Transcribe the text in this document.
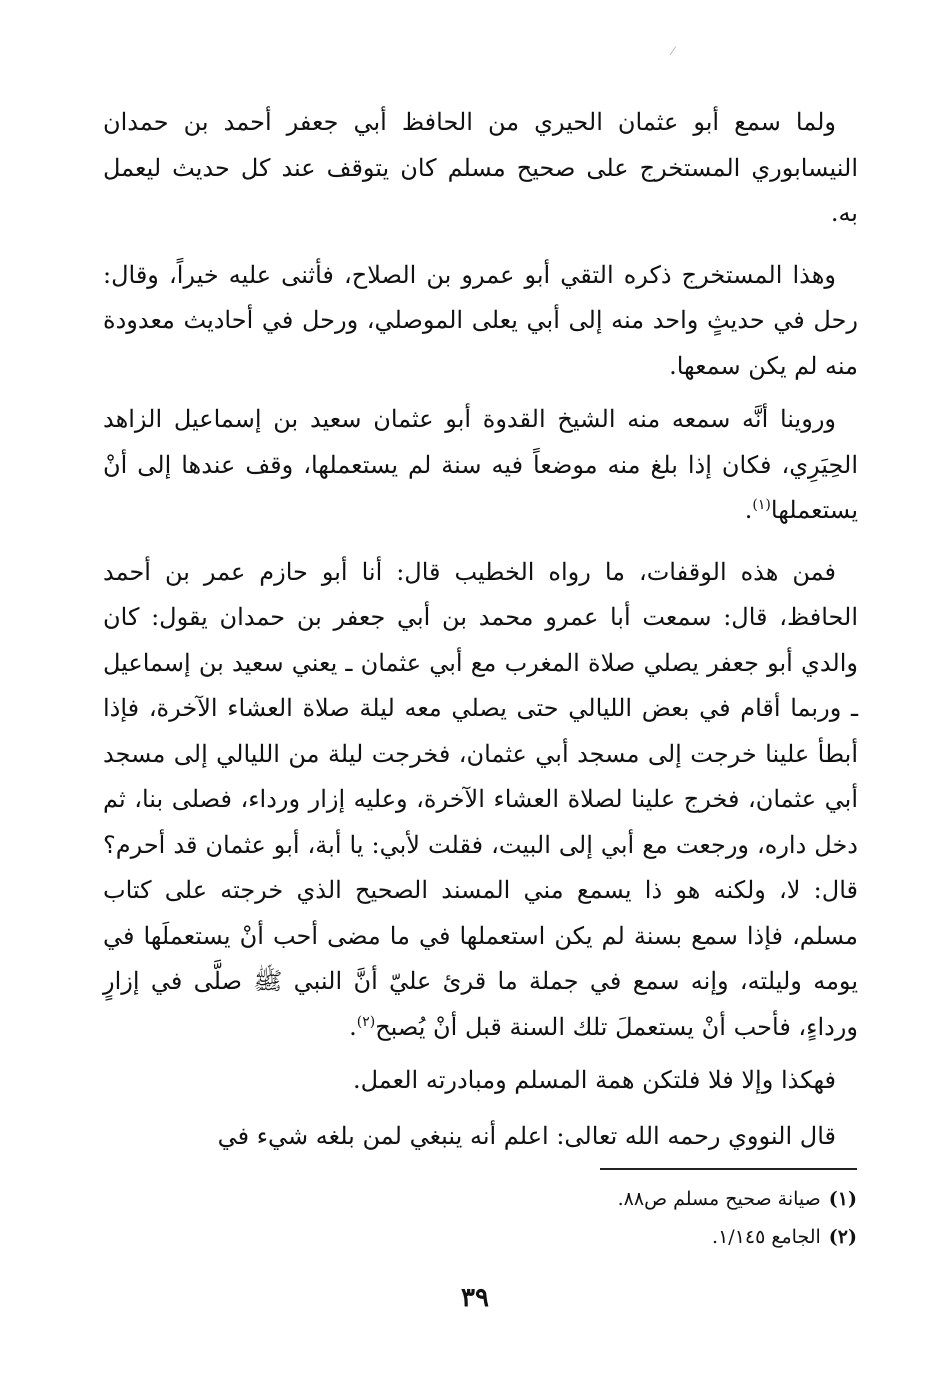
ولما سمع أبو عثمان الحيري من الحافظ أبي جعفر أحمد بن حمدان النيسابوري المستخرج على صحيح مسلم كان يتوقف عند كل حديث ليعمل به.

وهذا المستخرج ذكره التقي أبو عمرو بن الصلاح، فأثنى عليه خيراً، وقال: رحل في حديثٍ واحد منه إلى أبي يعلى الموصلي، ورحل في أحاديث معدودة منه لم يكن سمعها.

وروينا أنَّه سمعه منه الشيخ القدوة أبو عثمان سعيد بن إسماعيل الزاهد الحِيَرِي، فكان إذا بلغ منه موضعاً فيه سنة لم يستعملها، وقف عندها إلى أنْ يستعملها$^{(١)}$.

فمن هذه الوقفات، ما رواه الخطيب قال: أنا أبو حازم عمر بن أحمد الحافظ، قال: سمعت أبا عمرو محمد بن أبي جعفر بن حمدان يقول: كان والدي أبو جعفر يصلي صلاة المغرب مع أبي عثمان ـ يعني سعيد بن إسماعيل ـ وربما أقام في بعض الليالي حتى يصلي معه ليلة صلاة العشاء الآخرة، فإذا أبطأ علينا خرجت إلى مسجد أبي عثمان، فخرجت ليلة من الليالي إلى مسجد أبي عثمان، فخرج علينا لصلاة العشاء الآخرة، وعليه إزار ورداء، فصلى بنا، ثم دخل داره، ورجعت مع أبي إلى البيت، فقلت لأبي: يا أبة، أبو عثمان قد أحرم؟ قال: لا، ولكنه هو ذا يسمع مني المسند الصحيح الذي خرجته على كتاب مسلم، فإذا سمع بسنة لم يكن استعملها في ما مضى أحب أنْ يستعملَها في يومه وليلته، وإنه سمع في جملة ما قرئ عليّ أنَّ النبي ﷺ صلَّى في إزارٍ ورداءٍ، فأحب أنْ يستعملَ تلك السنة قبل أنْ يُصبح$^{(٢)}$.

فهكذا وإلا فلا فلتكن همة المسلم ومبادرته العمل.

قال النووي رحمه الله تعالى: اعلم أنه ينبغي لمن بلغه شيء في

(١)صيانة صحيح مسلم ص٨٨.

(٢)الجامع ١/١٤٥.

٣٩
